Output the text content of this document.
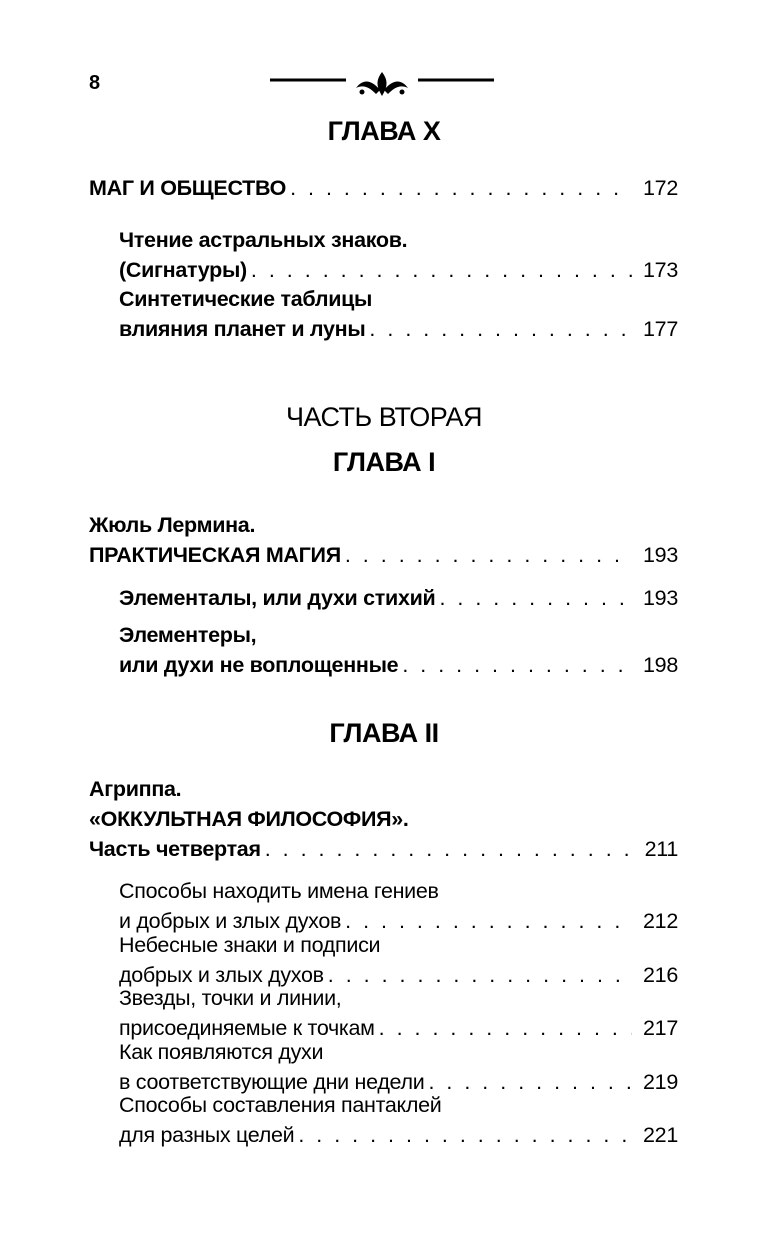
8
ГЛАВА X
МАГ И ОБЩЕСТВО . . .	172
Чтение астральных знаков.
(Сигнатуры) . . .	173
Синтетические таблицы
влияния планет и луны . . .	177
ЧАСТЬ ВТОРАЯ
ГЛАВА I
Жюль Лермина.
ПРАКТИЧЕСКАЯ МАГИЯ . . .	193
Элементалы, или духи стихий . . .	193
Элементеры,
или духи не воплощенные . . .	198
ГЛАВА II
Агриппа.
«ОККУЛЬТНАЯ ФИЛОСОФИЯ».
Часть четвертая . . .	211
Способы находить имена гениев
и добрых и злых духов . . .	212
Небесные знаки и подписи
добрых и злых духов . . .	216
Звезды, точки и линии,
присоединяемые к точкам . . .	217
Как появляются духи
в соответствующие дни недели . . .	219
Способы составления пантаклей
для разных целей . . .	221
